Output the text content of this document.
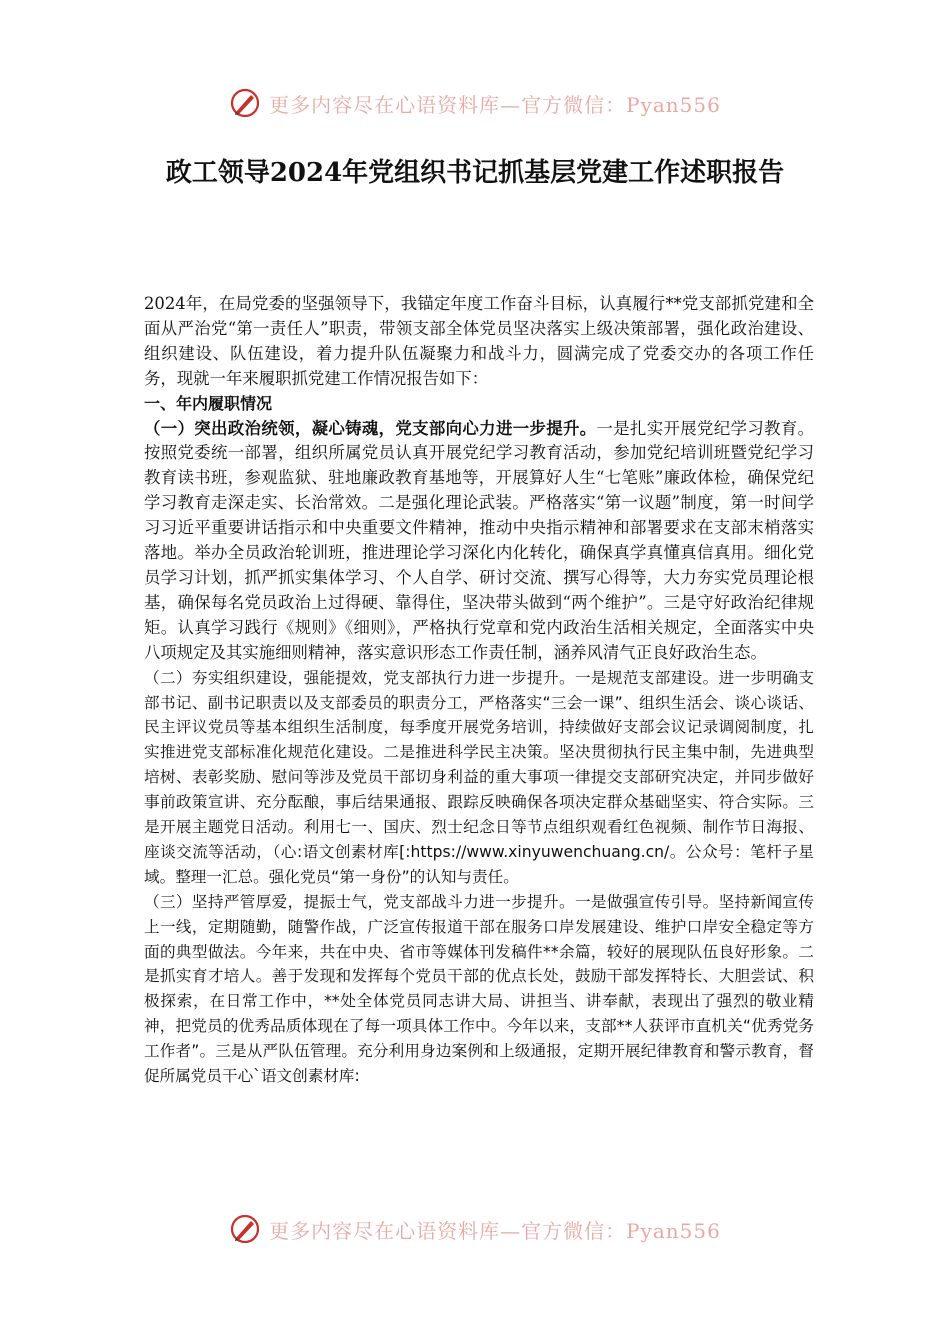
更多内容尽在心语资料库—官方微信：Pyan556
政工领导2024年党组织书记抓基层党建工作述职报告

2024年，在局党委的坚强领导下，我锚定年度工作奋斗目标，认真履行**党支部抓党建和全面从严治党“第一责任人”职责，带领支部全体党员坚决落实上级决策部署，强化政治建设、组织建设、队伍建设，着力提升队伍凝聚力和战斗力，圆满完成了党委交办的各项工作任务，现就一年来履职抓党建工作情况报告如下：

一、年内履职情况

（一）突出政治统领，凝心铸魂，党支部向心力进一步提升。一是扎实开展党纪学习教育。按照党委统一部署，组织所属党员认真开展党纪学习教育活动，参加党纪培训班暨党纪学习教育读书班，参观监狱、驻地廉政教育基地等，开展算好人生“七笔账”廉政体检，确保党纪学习教育走深走实、长治常效。二是强化理论武装。严格落实“第一议题”制度，第一时间学习习近平重要讲话指示和中央重要文件精神，推动中央指示精神和部署要求在支部末梢落实落地。举办全员政治轮训班，推进理论学习深化内化转化，确保真学真懂真信真用。细化党员学习计划，抓严抓实集体学习、个人自学、研讨交流、撰写心得等，大力夯实党员理论根基，确保每名党员政治上过得硬、靠得住，坚决带头做到“两个维护”。三是守好政治纪律规矩。认真学习践行《规则》《细则》，严格执行党章和党内政治生活相关规定，全面落实中央八项规定及其实施细则精神，落实意识形态工作责任制，涵养风清气正良好政治生态。

（二）夯实组织建设，强能提效，党支部执行力进一步提升。一是规范支部建设。进一步明确支部书记、副书记职责以及支部委员的职责分工，严格落实“三会一课”、组织生活会、谈心谈话、民主评议党员等基本组织生活制度，每季度开展党务培训，持续做好支部会议记录调阅制度，扎实推进党支部标准化规范化建设。二是推进科学民主决策。坚决贯彻执行民主集中制，先进典型培树、表彰奖励、慰问等涉及党员干部切身利益的重大事项一律提交支部研究决定，并同步做好事前政策宣讲、充分酝酿，事后结果通报、跟踪反映确保各项决定群众基础坚实、符合实际。三是开展主题党日活动。利用七一、国庆、烈士纪念日等节点组织观看红色视频、制作节日海报、座谈交流等活动，（心:语文创素材库[:https://www.xinyuwenchuang.cn/。公众号：笔杆子星域。整理一汇总。强化党员“第一身份”的认知与责任。

（三）坚持严管厚爱，提振士气，党支部战斗力进一步提升。一是做强宣传引导。坚持新闻宣传上一线，定期随勤，随警作战，广泛宣传报道干部在服务口岸发展建设、维护口岸安全稳定等方面的典型做法。今年来，共在中央、省市等媒体刊发稿件**余篇，较好的展现队伍良好形象。二是抓实育才培人。善于发现和发挥每个党员干部的优点长处，鼓励干部发挥特长、大胆尝试、积极探索，在日常工作中，**处全体党员同志讲大局、讲担当、讲奉献，表现出了强烈的敬业精神，把党员的优秀品质体现在了每一项具体工作中。今年以来，支部**人获评市直机关“优秀党务工作者”。三是从严队伍管理。充分利用身边案例和上级通报，定期开展纪律教育和警示教育，督促所属党员干心`语文创素材库:

更多内容尽在心语资料库—官方微信：Pyan556
